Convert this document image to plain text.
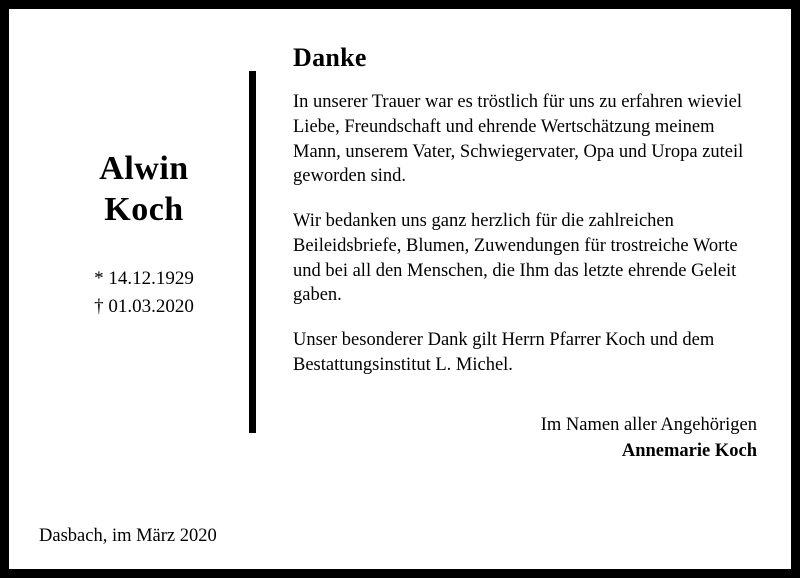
Alwin
Koch
* 14.12.1929
† 01.03.2020
Danke

In unserer Trauer war es tröstlich für uns zu erfahren wieviel Liebe, Freundschaft und ehrende Wertschätzung meinem Mann, unserem Vater, Schwiegervater, Opa und Uropa zuteil geworden sind.

Wir bedanken uns ganz herzlich für die zahlreichen Beileidsbriefe, Blumen, Zuwendungen für trostreiche Worte und bei all den Menschen, die Ihm das letzte ehrende Geleit gaben.

Unser besonderer Dank gilt Herrn Pfarrer Koch und dem Bestattungsinstitut L. Michel.

Im Namen aller Angehörigen
Annemarie Koch
Dasbach, im März 2020
